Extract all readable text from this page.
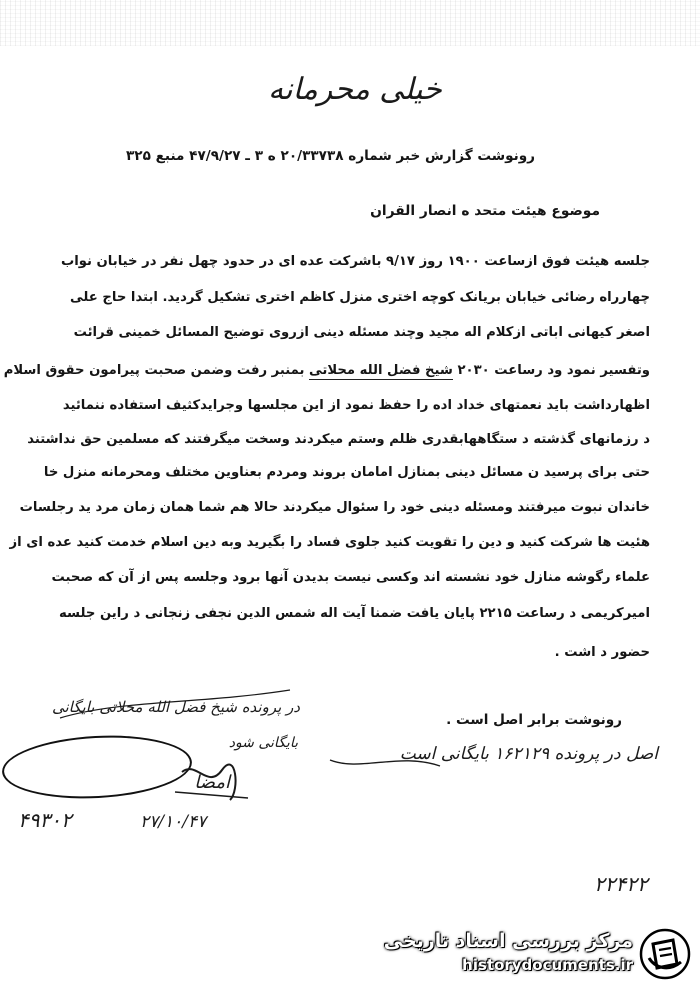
خیلی محرمانه
رونوشت گزارش خبر شماره ۲۰/۳۳۷۳۸ ه ۳ ـ ۴۷/۹/۲۷ منبع ۳۲۵
موضوع هیئت متحد ه انصار القران
جلسه هیئت فوق ازساعت ۱۹۰۰ روز ۹/۱۷ باشرکت عده ای در حدود چهل نفر در خیابان نواب
چهارراه رضائی خیابان بریانک کوچه اختری منزل کاظم اختری تشکیل گردید. ابتدا حاج علی
اصغر کیهانی اباتی ازکلام اله مجید وچند مسئله دینی ازروی توضیح المسائل خمینی قرائت
وتفسیر نمود ود رساعت ۲۰۳۰ شیخ فضل الله محلاتی بمنبر رفت وضمن صحبت پیرامون حقوق اسلام
اظهارداشت باید نعمتهای خداد اده را حفظ نمود از این مجلسها وجرایدکثیف استفاده ننمائید
د رزمانهای گذشته د ستگاههابقدری ظلم وستم میکردند وسخت میگرفتند که مسلمین حق نداشتند
حتی برای پرسید ن مسائل دینی بمنازل امامان بروند ومردم بعناوین مختلف ومحرمانه منزل خا
خاندان نبوت میرفتند ومسئله دینی خود را سئوال میکردند حالا هم شما همان زمان مرد ید رجلسات
هئیت ها شرکت کنید و دین را تقویت کنید جلوی فساد را بگیرید وبه دین اسلام خدمت کنید عده ای از
علماء رگوشه منازل خود نشسته اند وکسی نیست بدیدن آنها برود وجلسه پس از آن که صحبت
امیرکریمی د رساعت ۲۲۱۵ پایان یافت ضمنا آیت اله شمس الدین نجفی زنجانی د راین جلسه
حضور د اشت .
رونوشت برابر اصل است .
اصل در پرونده ۱۶۲۱۲۹ بایگانی است
در پرونده شیخ فضل الله محلاتی بایگانی
بایگانی شود
امضا
۲۷/۱۰/۴۷
۴۹۳۰۲
۲۲۴۲۲
مرکز بررسی اسناد تاریخی
historydocuments.ir
